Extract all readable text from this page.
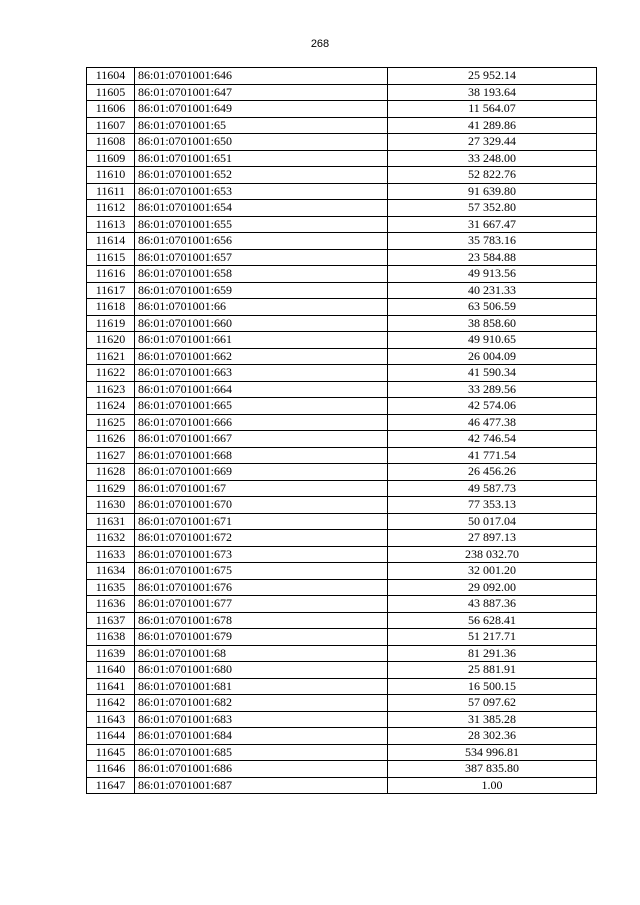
268
11604	86:01:0701001:646	25 952.14
11605	86:01:0701001:647	38 193.64
11606	86:01:0701001:649	11 564.07
11607	86:01:0701001:65	41 289.86
11608	86:01:0701001:650	27 329.44
11609	86:01:0701001:651	33 248.00
11610	86:01:0701001:652	52 822.76
11611	86:01:0701001:653	91 639.80
11612	86:01:0701001:654	57 352.80
11613	86:01:0701001:655	31 667.47
11614	86:01:0701001:656	35 783.16
11615	86:01:0701001:657	23 584.88
11616	86:01:0701001:658	49 913.56
11617	86:01:0701001:659	40 231.33
11618	86:01:0701001:66	63 506.59
11619	86:01:0701001:660	38 858.60
11620	86:01:0701001:661	49 910.65
11621	86:01:0701001:662	26 004.09
11622	86:01:0701001:663	41 590.34
11623	86:01:0701001:664	33 289.56
11624	86:01:0701001:665	42 574.06
11625	86:01:0701001:666	46 477.38
11626	86:01:0701001:667	42 746.54
11627	86:01:0701001:668	41 771.54
11628	86:01:0701001:669	26 456.26
11629	86:01:0701001:67	49 587.73
11630	86:01:0701001:670	77 353.13
11631	86:01:0701001:671	50 017.04
11632	86:01:0701001:672	27 897.13
11633	86:01:0701001:673	238 032.70
11634	86:01:0701001:675	32 001.20
11635	86:01:0701001:676	29 092.00
11636	86:01:0701001:677	43 887.36
11637	86:01:0701001:678	56 628.41
11638	86:01:0701001:679	51 217.71
11639	86:01:0701001:68	81 291.36
11640	86:01:0701001:680	25 881.91
11641	86:01:0701001:681	16 500.15
11642	86:01:0701001:682	57 097.62
11643	86:01:0701001:683	31 385.28
11644	86:01:0701001:684	28 302.36
11645	86:01:0701001:685	534 996.81
11646	86:01:0701001:686	387 835.80
11647	86:01:0701001:687	1.00
